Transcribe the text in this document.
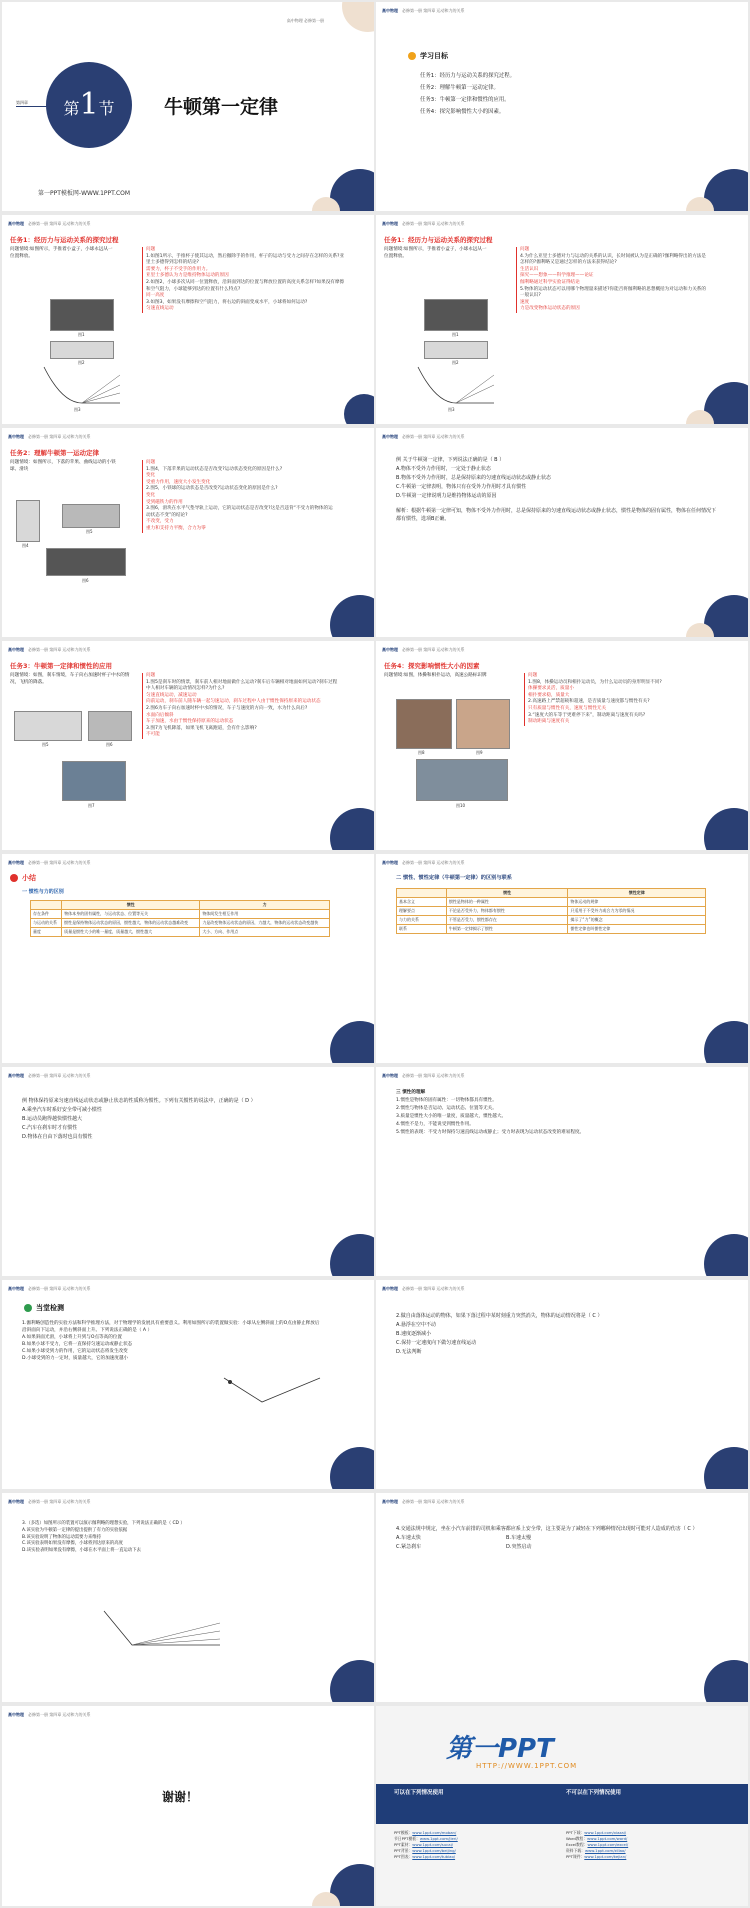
高中物理 必修第一册
第四章	第1节	牛顿第一定律
第一PPT模板网-WWW.1PPT.COM
高中物理 必修第一册 第四章 运动和力的关系
学习目标
任务1：经历力与运动关系的探究过程。
任务2：理解牛顿第一运动定律。
任务3：牛顿第一定律和惯性的应用。
任务4：探究影响惯性大小的因素。
高中物理 必修第一册 第四章 运动和力的关系
任务1：经历力与运动关系的探究过程
问题情境:如图所示，手推着小盒子，小球永远从一位置释放。
图1
图2
图3
问题
1.如图1所示，手推杯子使其运动，然后撤除手的作用，杯子的运动与受力之间存在怎样的关系?亚里士多德得到怎样的结论?
需要力，杯子不受手的作用力。
亚里士多德认为力是维持物体运动的原因
2.如图2，小球多次从同一位置释放，沿斜面到达的位置与释放位置的高度关系怎样?如果没有摩擦和空气阻力，小球能够到达的位置有什么特点?
同一高度
3.如图3，如果没有摩擦和空气阻力，将右边的斜面变成水平，小球将如何运动?
匀速直线运动
高中物理 必修第一册 第四章 运动和力的关系
任务1：经历力与运动关系的探究过程
问题情境:如图所示，手推着小盒子，小球永远从一位置释放。
图1
图2
图3
问题
4.为什么亚里士多德对力与运动的关系的认识，长时间被认为是正确的?伽利略得出的方法是怎样的?伽利略又是通过怎样的方法来获得结论?
生活认识
探究——想象——科学推理——论证
伽利略通过科学实验证得结论
5.物体的运动状态可以用哪个物理量来描述?你能否将伽利略的思想概括为对运动和力关系的一般认识?
速度
力是改变物体运动状态的原因
高中物理 必修第一册 第四章 运动和力的关系
任务2：理解牛顿第一运动定律
问题情境：如图所示，下落的苹果、曲线运动的小铁球、滑块
图4
图5
图6
问题
1.图4，下落苹果的运动状态是否改变?运动状态变化的原因是什么?
变化
受重力作用，速度大小发生变化
2.图5，小铁球的运动状态是否改变?运动状态变化的原因是什么?
变化
受到磁铁力的作用
3.图6，滑块在水平气垫导轨上运动，它的运动状态是否改变?这是否违背“不受力的物体的运动状态不变”的结论?
不改变，受力
重力和支持力平衡，合力为零
高中物理 必修第一册 第四章 运动和力的关系
例 关于牛顿第一定律，下列说法正确的是（ B ）
A.物体不受外力作用时，一定处于静止状态
B.物体不受外力作用时，总是保持原来的匀速直线运动状态或静止状态
C.牛顿第一定律表明，物体只有在受外力作用时才具有惯性
D.牛顿第一定律说明力是维持物体运动的原因
解析：根据牛顿第一定律可知，物体不受外力作用时，总是保持原来的匀速直线运动状态或静止状态，惯性是物体的固有属性，物体在任何情况下都有惯性，选项B正确。
高中物理 必修第一册 第四章 运动和力的关系
任务3：牛顿第一定律和惯性的应用
问题情境：如图，刹车情境，车子向右加速时杯子中水的情况，飞机的降落。
图5	图6
图7
问题
1.图5是刹车时的情景，刹车前人相对地面做什么运动?刹车后车辆相对地面如何运动?刹车过程中人相对车辆的运动情况怎样?为什么?
匀速直线运动，减速运动
向前运动，刹车前人随车辆一起匀速运动，刹车过程中人由于惯性保持原来的运动状态
2.图6为车子向右加速时杯中水的情况，车子与速度的方向一致，水为什么向后?
水面向后倾斜
车子加速，水由于惯性保持原来的运动状态
3.图7为飞机降落，如果飞机飞离跑道，会有什么影响?
不可能
高中物理 必修第一册 第四章 运动和力的关系
任务4：探究影响惯性大小的因素
问题情境:如图，体操和相扑运动，高速公路标识牌
图8	图9
图10
问题
1.图8，体操运动员和相扑运动员，为什么运动员的身形明显不同?
体操要求灵活，质量小
相扑要求稳，质量大
2.高速路上严禁超载和超速，是否质量与速度都与惯性有关?
只有质量与惯性有关，速度与惯性无关
3.“速度大的车等于更难停下来”，制动距离与速度有关吗?
制动距离与速度有关
高中物理 必修第一册 第四章 运动和力的关系
小结
一 惯性与力的区别
	惯性	力
存在条件	物体本身的固有属性，与运动状态、位置等无关	物体间发生相互作用
与运动的关系	惯性是保持物体运动状态的原因，惯性越大，物体的运动状态越难改变	力是改变物体运动状态的原因，力越大，物体的运动状态改变越快
量度	质量是惯性大小的唯一量度，质量越大，惯性越大	大小、方向、作用点
高中物理 必修第一册 第四章 运动和力的关系
二 惯性、惯性定律（牛顿第一定律）的区别与联系
	惯性	惯性定律
基本含义	惯性是物体的一种属性	物体运动的规律
理解要点	不论是否受外力，物体都有惯性	只适用于不受外力或合力为零的情况
与力的关系	不管是否受力，惯性都存在	揭示了“力”的概念
联系	牛顿第一定律揭示了惯性	惯性定律也叫惯性定律
高中物理 必修第一册 第四章 运动和力的关系
例 物体保持原来匀速直线运动状态或静止状态的性质称为惯性。下列有关惯性的说法中，正确的是（ D ）
A.乘坐汽车时系好安全带可减小惯性
B.运动员跑得越快惯性越大
C.汽车在刹车时才有惯性
D.物体在自由下落时也具有惯性
高中物理 必修第一册 第四章 运动和力的关系
三 惯性的理解
1.惯性是物体的固有属性：一切物体都具有惯性。
2.惯性与物体是否运动、运动状态、位置等无关。
3.质量是惯性大小的唯一量度，质量越大，惯性越大。
4.惯性不是力，不能说受到惯性作用。
5.惯性的表现：不受力时保持匀速直线运动或静止；受力时表现为运动状态改变的难易程度。
高中物理 必修第一册 第四章 运动和力的关系
当堂检测
1.伽利略创造性的实验方法和科学推理方法，对于物理学的发展具有重要意义。利用如图所示的装置做实验：小球从左侧斜面上的O点由静止释放后沿斜面向下运动，并沿右侧斜面上升。下列说法正确的是（ A ）
A.如果斜面光滑，小球将上升到与O点等高的位置
B.如果小球不受力，它将一直保持匀速运动或静止状态
C.如果小球受到力的作用，它的运动状态将发生改变
D.小球受到的力一定时，质量越大，它的加速度越小
高中物理 必修第一册 第四章 运动和力的关系
2.做自由落体运动的物体，如果下落过程中某时刻重力突然消失，物体的运动情况将是（ C ）
A.悬浮在空中不动
B.速度逐渐减小
C.保持一定速度向下做匀速直线运动
D.无法判断
高中物理 必修第一册 第四章 运动和力的关系
3.（多选）如图所示的装置可以演示伽利略的理想实验，下列说法正确的是（ CD ）
A.该实验为牛顿第一定律的提出提供了有力的实验依据
B.该实验说明了物体的运动需要力来维持
C.该实验表明如果没有摩擦，小球将到达原来的高度
D.该实验表明如果没有摩擦，小球在水平面上将一直运动下去
高中物理 必修第一册 第四章 运动和力的关系
4.交通法规中规定，坐在小汽车前排的司机和乘客都应系上安全带，这主要是为了减轻在下列哪种情况出现时可能对人造成的伤害（ C ）
A.车速太快	B.车速太慢
C.紧急刹车	D.突然启动
高中物理 必修第一册 第四章 运动和力的关系
谢谢！
第一PPT
HTTP://WWW.1PPT.COM
可以在下列情况使用	不可以在下列情况使用
PPT模板：www.1ppt.com/moban/
节日PPT模板：www.1ppt.com/jieri/
PPT素材：www.1ppt.com/sucai/
PPT背景：www.1ppt.com/beijing/
PPT图表：www.1ppt.com/tubiao/
PPT下载：www.1ppt.com/xiazai/
Word教程：www.1ppt.com/word/
Excel教程：www.1ppt.com/excel/
资料下载：www.1ppt.com/ziliao/
PPT课件：www.1ppt.com/kejian/
